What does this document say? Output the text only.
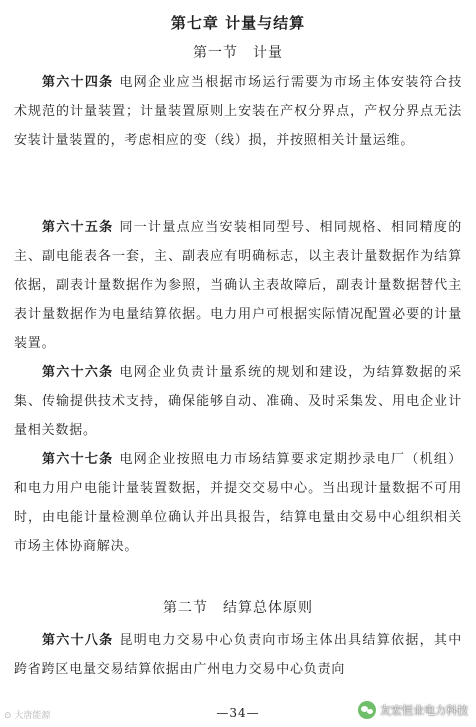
第七章 计量与结算
第一节　计量
第六十四条 电网企业应当根据市场运行需要为市场主体安装符合技术规范的计量装置；计量装置原则上安装在产权分界点，产权分界点无法安装计量装置的，考虑相应的变（线）损，并按照相关计量运维。
第六十五条 同一计量点应当安装相同型号、相同规格、相同精度的主、副电能表各一套，主、副表应有明确标志，以主表计量数据作为结算依据，副表计量数据作为参照，当确认主表故障后，副表计量数据替代主表计量数据作为电量结算依据。电力用户可根据实际情况配置必要的计量装置。
第六十六条 电网企业负责计量系统的规划和建设，为结算数据的采集、传输提供技术支持，确保能够自动、准确、及时采集发、用电企业计量相关数据。
第六十七条 电网企业按照电力市场结算要求定期抄录电厂（机组）和电力用户电能计量装置数据，并提交交易中心。当出现计量数据不可用时，由电能计量检测单位确认并出具报告，结算电量由交易中心组织相关市场主体协商解决。
第二节　结算总体原则
第六十八条 昆明电力交易中心负责向市场主体出具结算依据，其中跨省跨区电量交易结算依据由广州电力交易中心负责向
—34—
⊙ 大唐能源	友宏恒业电力科技
